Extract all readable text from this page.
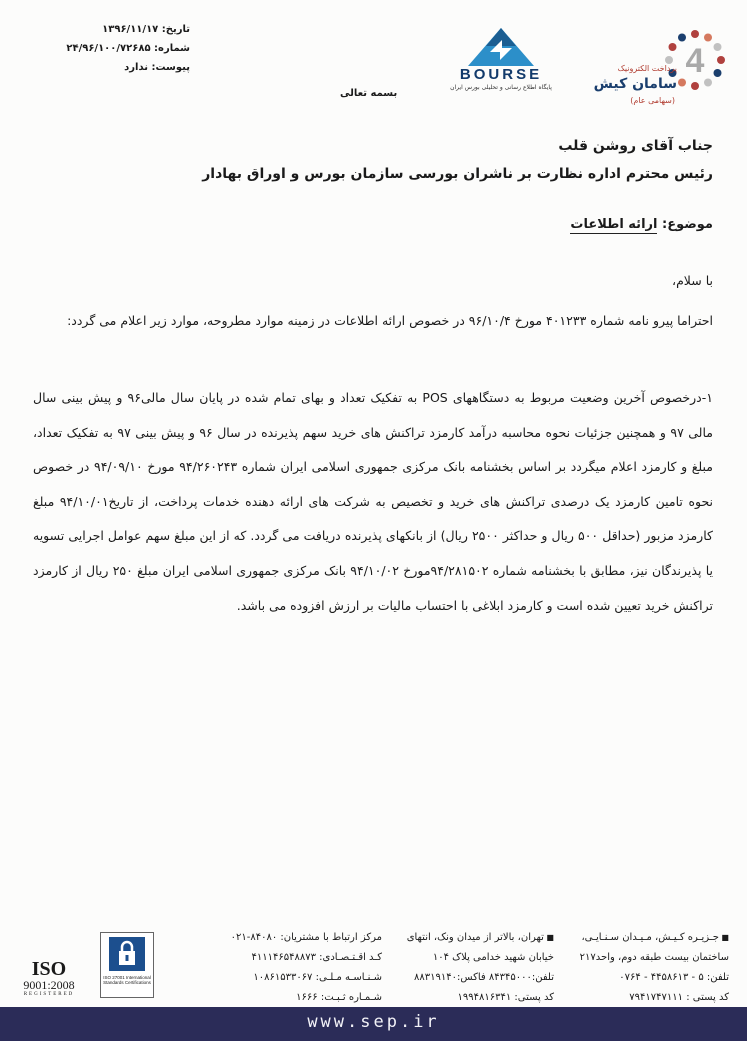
تاریخ: ۱۳۹۶/۱۱/۱۷
شماره: ۲۴/۹۶/۱۰۰/۷۲۶۸۵
پیوست: ندارد
بسمه تعالی
BOURSE
پایگاه اطلاع رسانی و تحلیلی بورس ایران
4
پرداخت الکترونیک
سامان کیش
(سهامی عام)
جناب آقای روشن قلب
رئیس محترم اداره نظارت بر ناشران بورسی سازمان بورس و اوراق بهادار
موضوع: ارائه اطلاعات
با سلام،

احتراما پیرو نامه شماره ۴۰۱۲۳۳ مورخ ۹۶/۱۰/۴ در خصوص ارائه اطلاعات در زمینه موارد مطروحه، موارد زیر اعلام می گردد:

۱-درخصوص آخرین وضعیت مربوط به دستگاههای POS به تفکیک تعداد و بهای تمام شده در پایان سال مالی۹۶ و پیش بینی سال مالی ۹۷ و همچنین جزئیات نحوه محاسبه درآمد کارمزد تراکنش های خرید سهم پذیرنده در سال ۹۶ و پیش بینی ۹۷ به تفکیک تعداد، مبلغ و کارمزد اعلام میگردد بر اساس بخشنامه بانک مرکزی جمهوری اسلامی ایران شماره ۹۴/۲۶۰۲۴۳ مورخ ۹۴/۰۹/۱۰ در خصوص نحوه تامین کارمزد یک درصدی تراکنش های خرید و تخصیص به شرکت های ارائه دهنده خدمات پرداخت، از تاریخ۹۴/۱۰/۰۱ مبلغ کارمزد مزبور (حداقل ۵۰۰ ریال و حداکثر ۲۵۰۰ ریال) از بانکهای پذیرنده دریافت می گردد. که از این مبلغ سهم عوامل اجرایی تسویه یا پذیرندگان نیز، مطابق با بخشنامه شماره ۹۴/۲۸۱۵۰۲مورخ ۹۴/۱۰/۰۲ بانک مرکزی جمهوری اسلامی ایران مبلغ ۲۵۰ ریال از کارمزد تراکنش خرید تعیین شده است و کارمزد ابلاغی با احتساب مالیات بر ارزش افزوده می باشد.

■ جـزیـره کـیـش، مـیـدان سـنـایـی،
ساختمان بیست طبقه دوم، واحد۲۱۷
تلفن: ۵ - ۴۴۵۸۶۱۳ - ۰۷۶۴
کد پستی : ۷۹۴۱۷۴۷۱۱۱
■ تهران، بالاتر از میدان ونک، انتهای
خیابان شهید خدامی پلاک ۱۰۴
تلفن:۸۴۳۴۵۰۰۰ فاکس:۸۸۳۱۹۱۴۰
کد پستی: ۱۹۹۴۸۱۶۳۴۱
مرکز ارتباط با مشتریان: ۸۴۰۸۰-۰۲۱
کـد اقـتـصـادی: ۴۱۱۱۴۶۵۴۸۸۷۳
شـنـاسـه مـلـی: ۱۰۸۶۱۵۳۳۰۶۷
شـمـاره ثـبـت: ۱۶۶۶
ISO 27001 International Standards Certifications
ISO
9001:2008
REGISTERED
www.sep.ir
